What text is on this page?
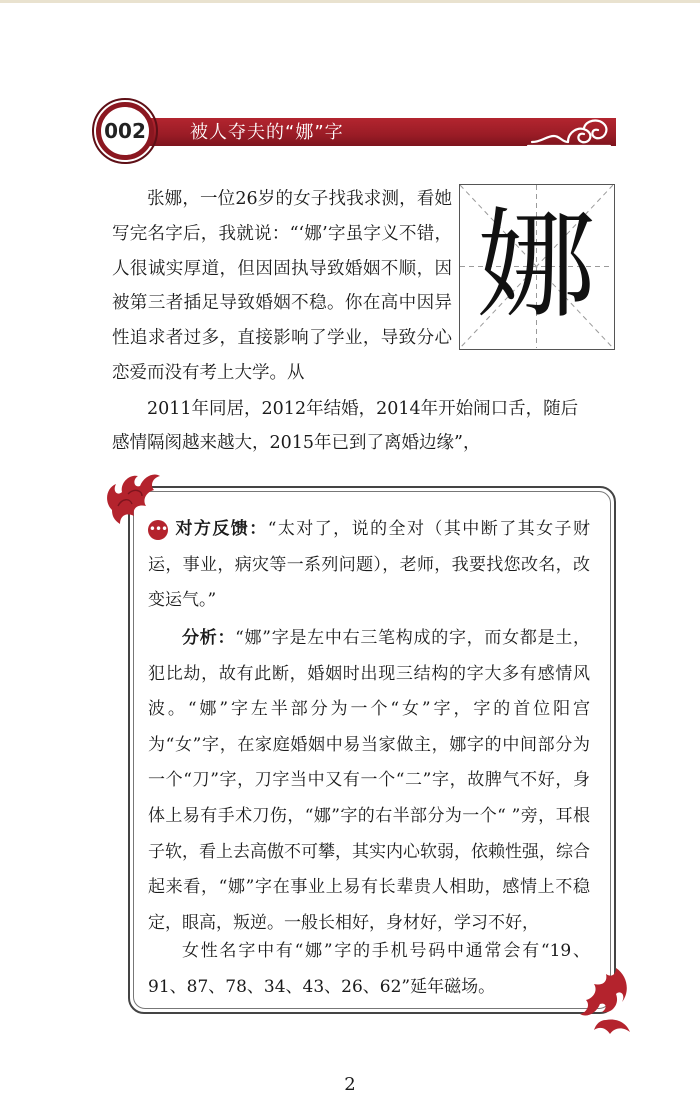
002	被人夺夫的“娜”字
娜

张娜，一位26岁的女子找我求测，看她写完名字后，我就说：“‘娜’字虽字义不错，人很诚实厚道，但因固执导致婚姻不顺，因被第三者插足导致婚姻不稳。你在高中因异性追求者过多，直接影响了学业，导致分心恋爱而没有考上大学。从

2011年同居，2012年结婚，2014年开始闹口舌，随后感情隔阂越来越大，2015年已到了离婚边缘”，

••• 对方反馈：“太对了，说的全对（其中断了其女子财运，事业，病灾等一系列问题），老师，我要找您改名，改变运气。”

分析：“娜”字是左中右三笔构成的字，而女都是土，犯比劫，故有此断，婚姻时出现三结构的字大多有感情风波。“娜”字左半部分为一个“女”字，字的首位阳宫为“女”字，在家庭婚姻中易当家做主，娜字的中间部分为一个“刀”字，刀字当中又有一个“二”字，故脾气不好，身体上易有手术刀伤，“娜”字的右半部分为一个“ ”旁，耳根子软，看上去高傲不可攀，其实内心软弱，依赖性强，综合起来看，“娜”字在事业上易有长辈贵人相助，感情上不稳定，眼高，叛逆。一般长相好，身材好，学习不好，

女性名字中有“娜”字的手机号码中通常会有“19、91、87、78、34、43、26、62”延年磁场。

2
